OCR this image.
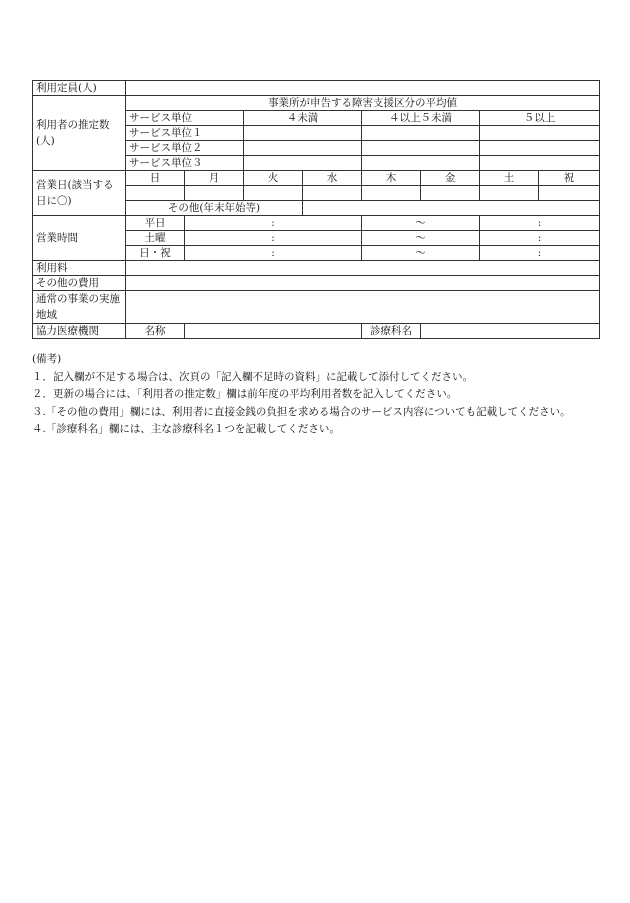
利用定員(人)								
利用者の推定数(人)	事業所が申告する障害支援区分の平均値							
	サービス単位		４未満		４以上５未満		５以上	
	サービス単位１							
	サービス単位２							
	サービス単位３							
営業日(該当する日に〇)	日	月	火	水	木	金	土	祝

	その他(年末年始等)							
営業時間	平日	:			〜		:	
	土曜	:			〜		:	
	日・祝	:			〜		:	
利用料								
その他の費用								
通常の事業の実施地域								
協力医療機関	名称				診療科名			
(備考)
１．記入欄が不足する場合は、次頁の「記入欄不足時の資料」に記載して添付してください。
２．更新の場合には、「利用者の推定数」欄は前年度の平均利用者数を記入してください。
３.「その他の費用」欄には、利用者に直接金銭の負担を求める場合のサービス内容についても記載してください。
４.「診療科名」欄には、主な診療科名１つを記載してください。
